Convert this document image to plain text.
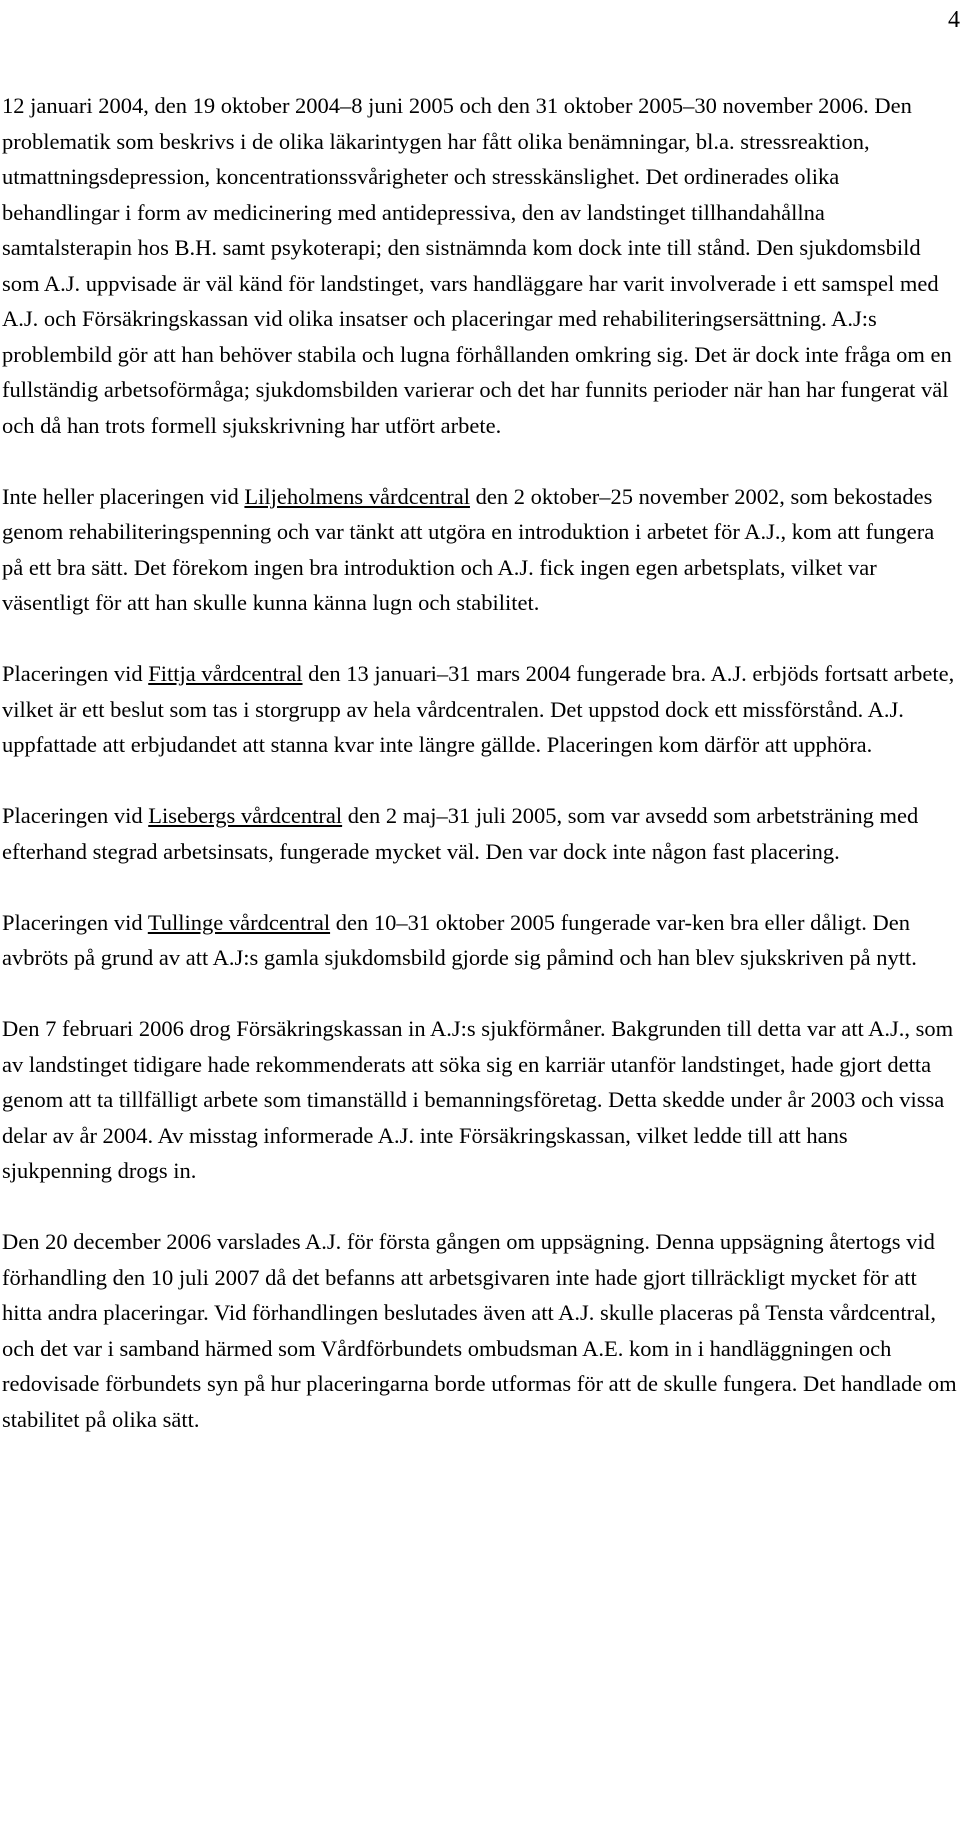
4

12 januari 2004, den 19 oktober 2004–8 juni 2005 och den 31 oktober 2005–30 november 2006. Den problematik som beskrivs i de olika läkarintygen har fått olika benämningar, bl.a. stressreaktion, utmattningsdepression, koncentrationssvårigheter och stresskänslighet. Det ordinerades olika behandlingar i form av medicinering med antidepressiva, den av landstinget tillhandahållna samtalsterapin hos B.H. samt psykoterapi; den sistnämnda kom dock inte till stånd. Den sjukdomsbild som A.J. uppvisade är väl känd för landstinget, vars handläggare har varit involverade i ett samspel med A.J. och Försäkringskassan vid olika insatser och placeringar med rehabiliteringsersättning. A.J:s problembild gör att han behöver stabila och lugna förhållanden omkring sig. Det är dock inte fråga om en fullständig arbetsoförmåga; sjukdomsbilden varierar och det har funnits perioder när han har fungerat väl och då han trots formell sjukskrivning har utfört arbete.

Inte heller placeringen vid Liljeholmens vårdcentral den 2 oktober–25 november 2002, som bekostades genom rehabiliteringspenning och var tänkt att utgöra en introduktion i arbetet för A.J., kom att fungera på ett bra sätt. Det förekom ingen bra introduktion och A.J. fick ingen egen arbetsplats, vilket var väsentligt för att han skulle kunna känna lugn och stabilitet.

Placeringen vid Fittja vårdcentral den 13 januari–31 mars 2004 fungerade bra. A.J. erbjöds fortsatt arbete, vilket är ett beslut som tas i storgrupp av hela vårdcentralen. Det uppstod dock ett missförstånd. A.J. uppfattade att erbjudandet att stanna kvar inte längre gällde. Placeringen kom därför att upphöra.

Placeringen vid Lisebergs vårdcentral den 2 maj–31 juli 2005, som var avsedd som arbetsträning med efterhand stegrad arbetsinsats, fungerade mycket väl. Den var dock inte någon fast placering.

Placeringen vid Tullinge vårdcentral den 10–31 oktober 2005 fungerade var-ken bra eller dåligt. Den avbröts på grund av att A.J:s gamla sjukdomsbild gjorde sig påmind och han blev sjukskriven på nytt.

Den 7 februari 2006 drog Försäkringskassan in A.J:s sjukförmåner. Bakgrunden till detta var att A.J., som av landstinget tidigare hade rekommenderats att söka sig en karriär utanför landstinget, hade gjort detta genom att ta tillfälligt arbete som timanställd i bemanningsföretag. Detta skedde under år 2003 och vissa delar av år 2004. Av misstag informerade A.J. inte Försäkringskassan, vilket ledde till att hans sjukpenning drogs in.

Den 20 december 2006 varslades A.J. för första gången om uppsägning. Denna uppsägning återtogs vid förhandling den 10 juli 2007 då det befanns att arbetsgivaren inte hade gjort tillräckligt mycket för att hitta andra placeringar. Vid förhandlingen beslutades även att A.J. skulle placeras på Tensta vårdcentral, och det var i samband härmed som Vårdförbundets ombudsman A.E. kom in i handläggningen och redovisade förbundets syn på hur placeringarna borde utformas för att de skulle fungera. Det handlade om stabilitet på olika sätt.
